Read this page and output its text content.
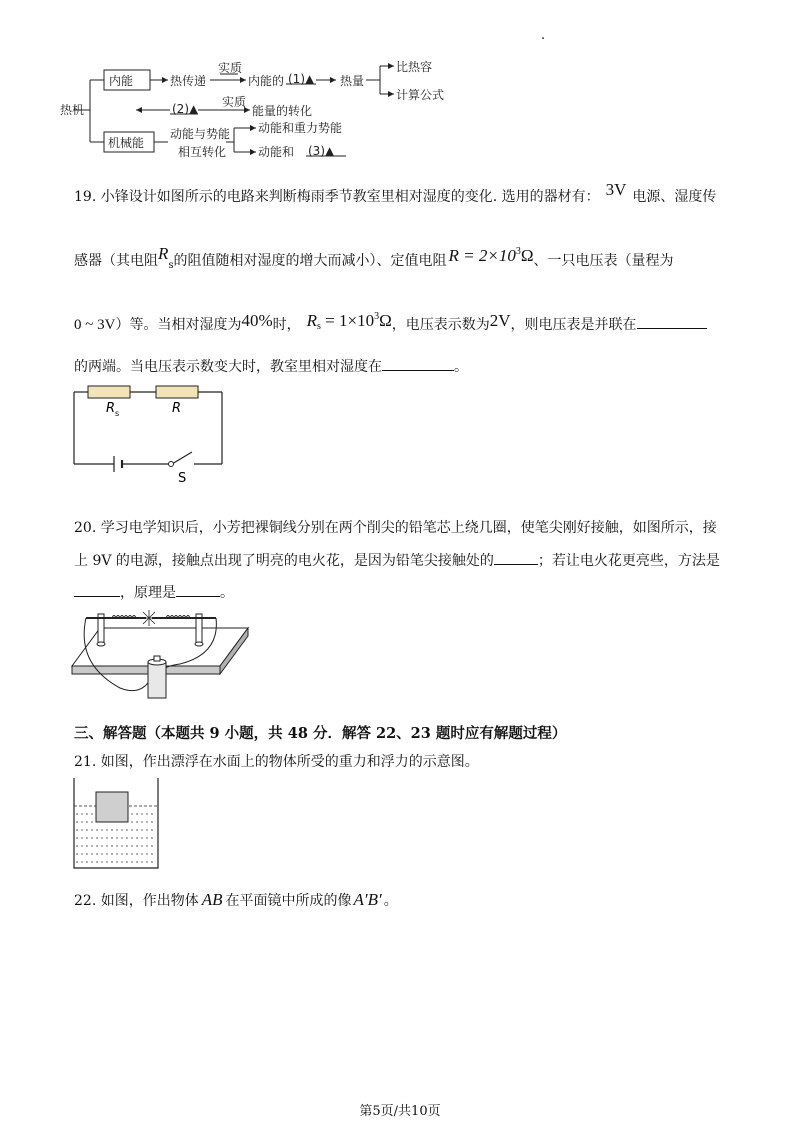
.
内能
机械能
热机
热传递
实质
内能的 (1)▲ 热量
比热容
计算公式
(2)▲ 实质
能量的转化
动能与势能
相互转化
动能和重力势能
动能和 (3)▲
19. 小锋设计如图所示的电路来判断梅雨季节教室里相对湿度的变化. 选用的器材有： 3V 电源、湿度传
感器（其电阻$R_s$的阻值随相对湿度的增大而减小）、定值电阻 $R = 2\times 10^3\Omega$、一只电压表（量程为
0 ~ 3V）等。当相对湿度为40%时， $R_s = 1\times 10^3\Omega$，电压表示数为2V，则电压表是并联在
的两端。当电压表示数变大时，教室里相对湿度在	。
R s	R
S
20. 学习电学知识后，小芳把裸铜线分别在两个削尖的铅笔芯上绕几圈，使笔尖刚好接触，如图所示，接
上 9V 的电源，接触点出现了明亮的电火花，是因为铅笔尖接触处的	；若让电火花更亮些，方法是
，原理是	。
三、解答题（本题共 9 小题，共 48 分．解答 22、23 题时应有解题过程）
21. 如图，作出漂浮在水面上的物体所受的重力和浮力的示意图。
22. 如图，作出物体 AB 在平面镜中所成的像 A′B′ 。
第5页/共10页
